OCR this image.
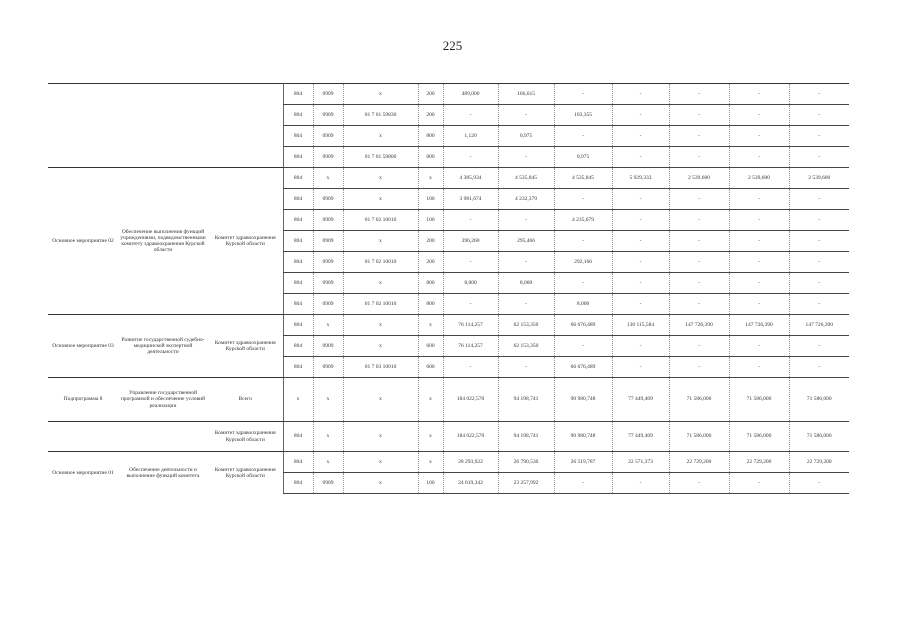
225
			804	0909	x	200	489,000	166,615	-	-	-	-	-
			804	0909	01 7 01 59830	200	-	-	103,355	-	-	-	-
			804	0909	x	800	1,120	0,975	-	-	-	-	-
			804	0909	01 7 01 59800	800	-	-	0,975	-	-	-	-
Основное мероприятие 02	Обеспечение выполнения функций учреждениями, подведомственными комитету здравоохранения Курской области	Комитет здравоохранения Курской области	804	x	x	x	4 385,934	4 535,845	4 535,845	5 929,333	2 539,600	2 539,600	2 539,600
			804	0909	x	100	3 981,674	4 232,379	-	-	-	-	-
			804	0909	01 7 02 10010	100	-	-	4 235,679	-	-	-	-
			804	0909	x	200	396,260	295,466	-	-	-	-	-
			804	0909	01 7 02 10010	200	-	-	292,166	-	-	-	-
			804	0909	x	800	8,000	8,000	-	-	-	-	-
			804	0909	01 7 02 10010	800	-	-	8,000	-	-	-	-
Основное мероприятие 03	Развитие государственной судебно-медицинской экспертной деятельности	Комитет здравоохранения Курской области	804	x	x	x	76 114,257	62 153,350	66 676,489	130 115,584	147 726,390	147 726,390	147 726,390
			804	0909	x	600	76 114,257	62 153,350	-	-	-	-	-
			804	0909	01 7 03 10010	600	-	-	66 676,489	-	-	-	-
Подпрограмма 8	Управление государственной программой и обеспечение условий реализации	Всего	x	x	x	x	184 022,570	94 198,741	90 980,748	77 449,409	71 586,000	71 586,000	71 586,000
		Комитет здравоохранения Курской области	804	x	x	x	184 022,570	94 198,741	90 980,748	77 449,409	71 586,000	71 586,000	71 586,000
Основное мероприятие 01	Обеспечение деятельности и выполнение функций комитета	Комитет здравоохранения Курской области	804	x	x	x	28 293,922	26 790,530	26 519,787	22 571,373	22 729,200	22 729,200	22 729,200
			804	0909	x	100	24 619,342	23 257,992	-	-	-	-	-
